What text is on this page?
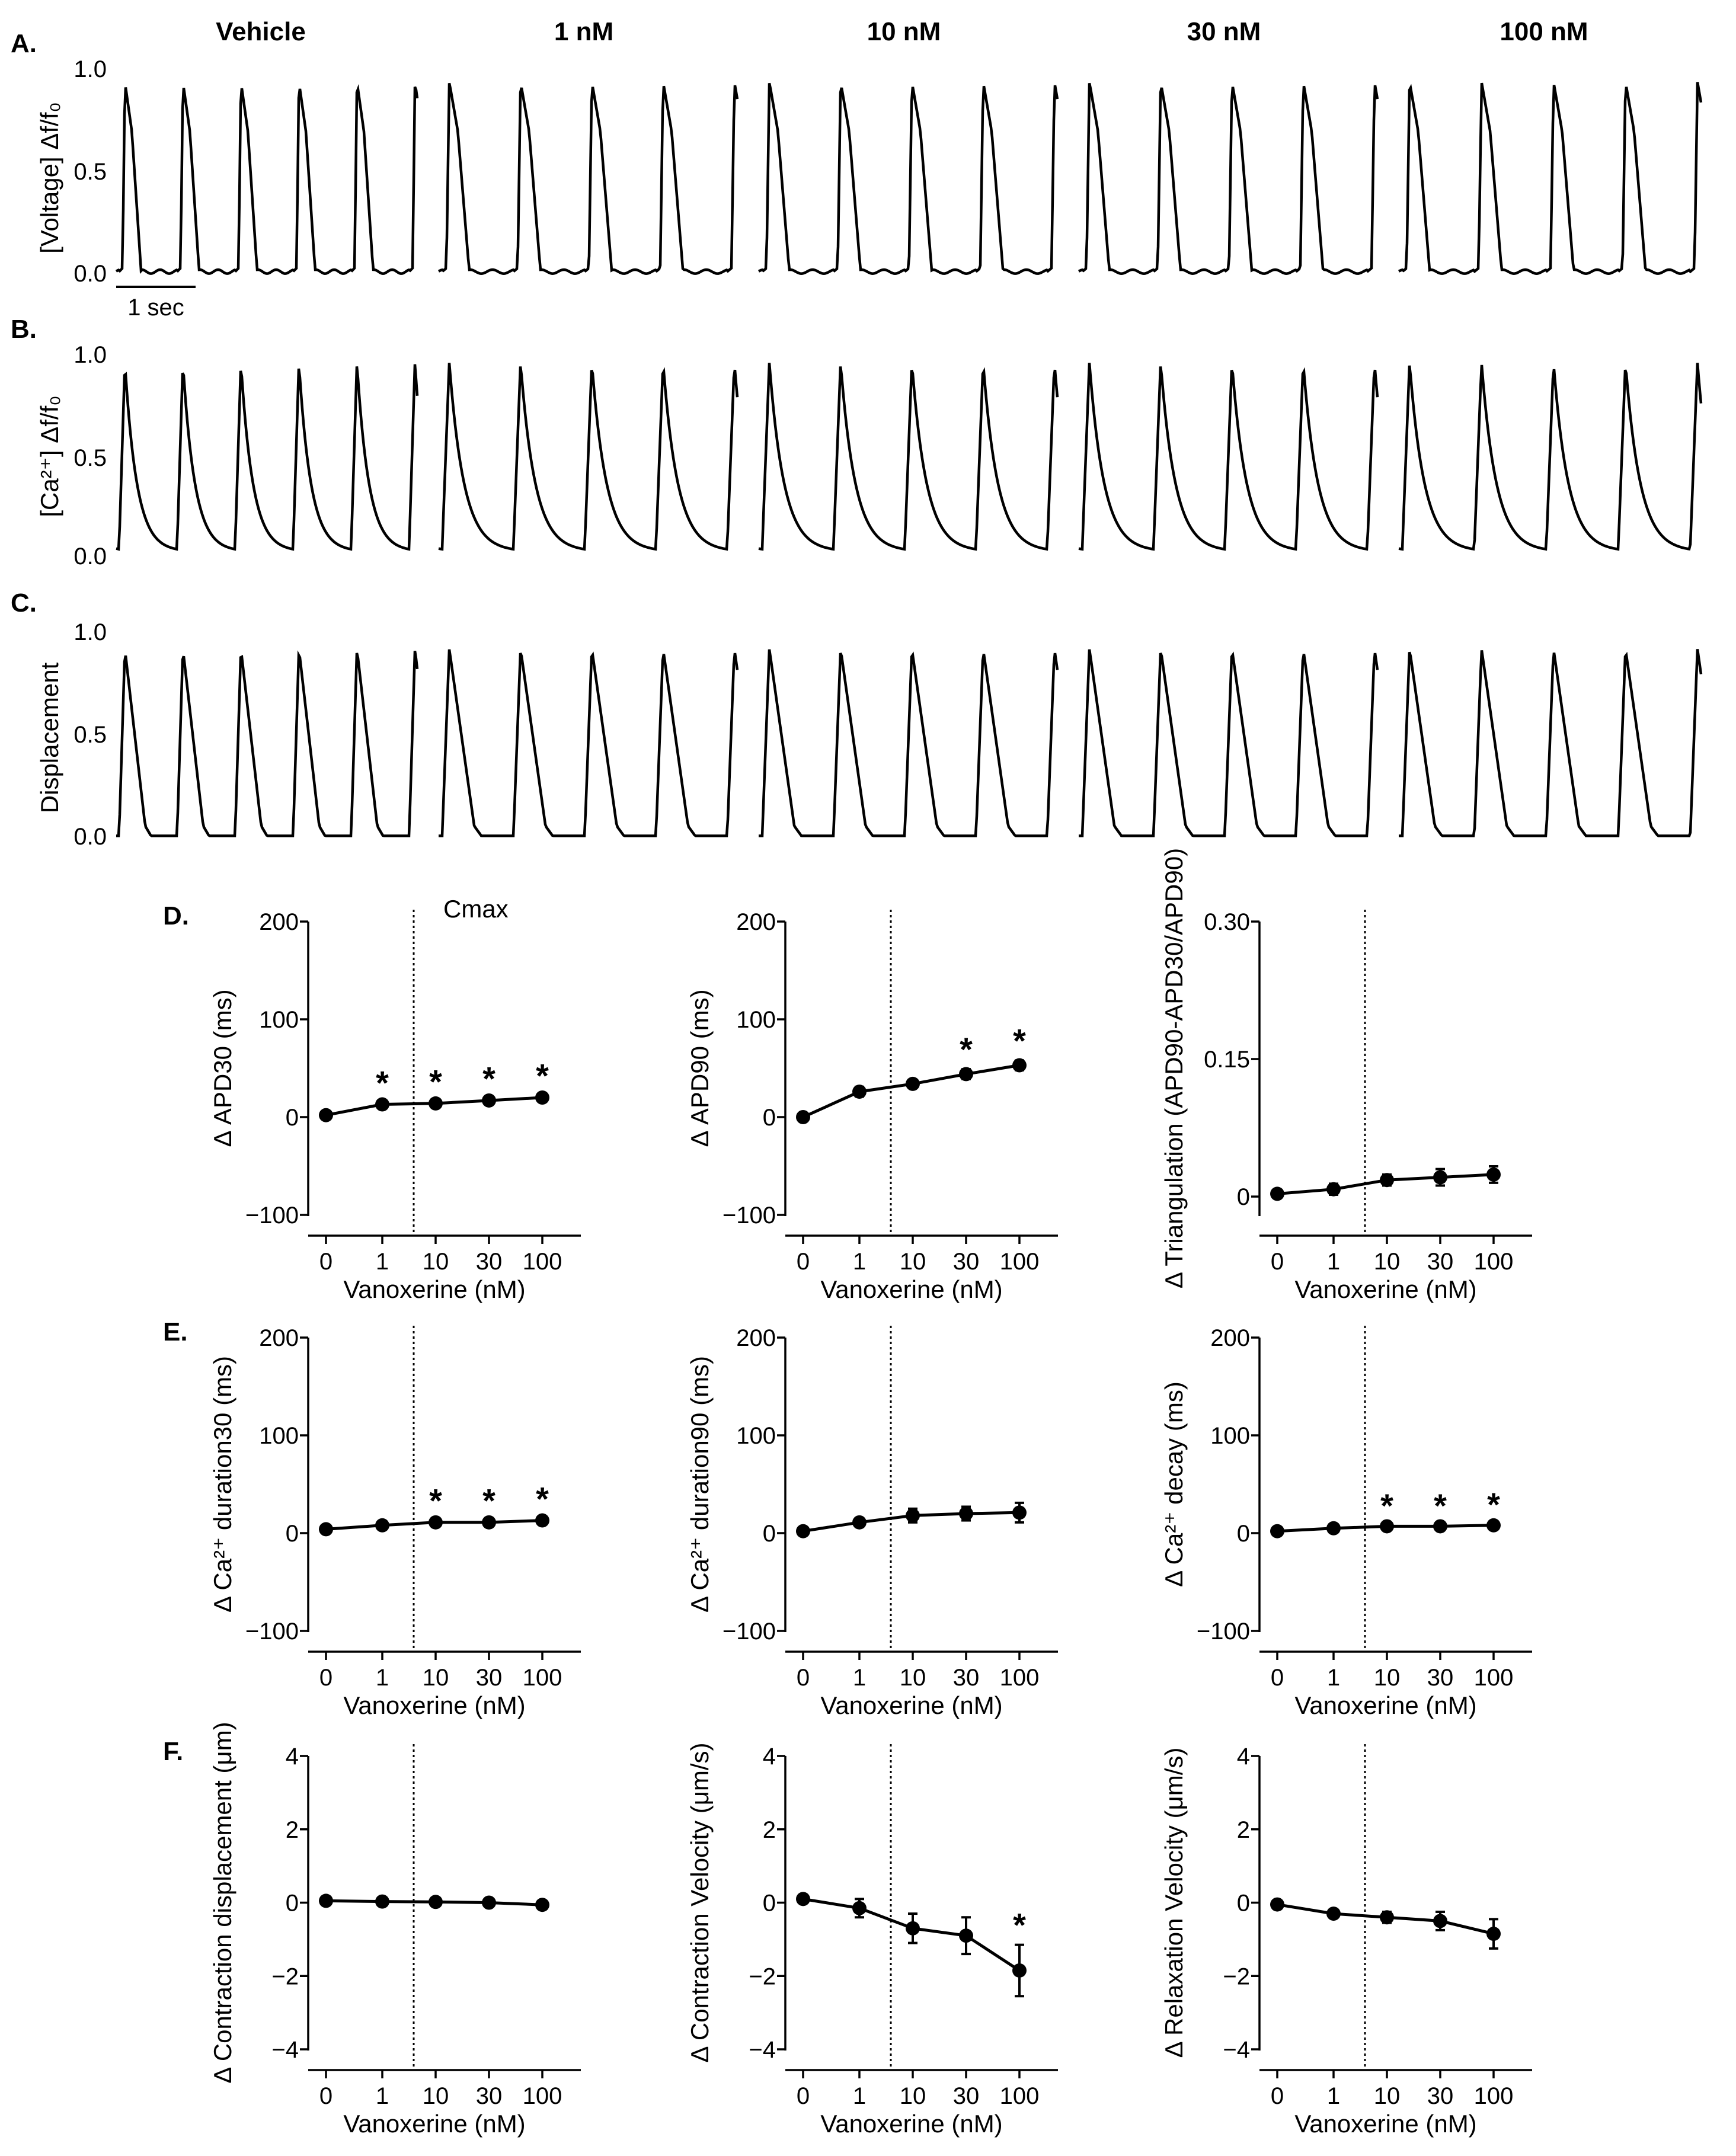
Vehicle	1 nM	10 nM	30 nM	100 nM
A.
[Voltage] Δf/f₀
0.0
0.5
1.0
1 sec
B.
[Ca²⁺] Δf/f₀
0.0
0.5
1.0
C.
Displacement
0.0
0.5
1.0
D.
E.
F.
Cmax
−100
0
100
200
0 1 10 30 100
Vanoxerine (nM)
Δ APD30 (ms)	* * * *
−100
0
100
200
0 1 10 30 100
Vanoxerine (nM)
Δ APD90 (ms)	* *
0
0.15
0.30
0 1 10 30 100
Vanoxerine (nM)
Δ Triangulation (APD90-APD30/APD90)
−100
0
100
200
0 1 10 30 100
Vanoxerine (nM)
Δ Ca²⁺ duration30 (ms)	* * *
−100
0
100
200
0 1 10 30 100
Vanoxerine (nM)
Δ Ca²⁺ duration90 (ms)
−100
0
100
200
0 1 10 30 100
Vanoxerine (nM)
Δ Ca²⁺ decay (ms)	* * *
−4
−2
0
2
4
0 1 10 30 100
Vanoxerine (nM)
Δ Contraction displacement (μm)	−4
−2
0
2
4
0 1 10 30 100
Vanoxerine (nM)
Δ Contraction Velocity (μm/s)	*
−4
−2
0
2
4
0 1 10 30 100
Vanoxerine (nM)
Δ Relaxation Velocity (μm/s)
